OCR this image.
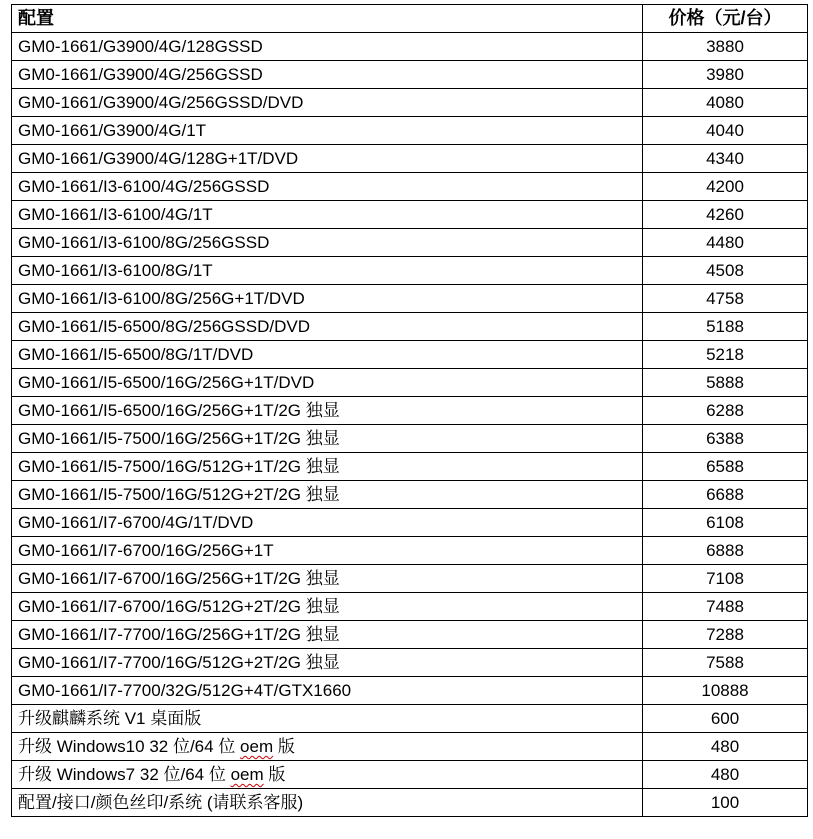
配置	价格（元/台）
GM0-1661/G3900/4G/128GSSD	3880
GM0-1661/G3900/4G/256GSSD	3980
GM0-1661/G3900/4G/256GSSD/DVD	4080
GM0-1661/G3900/4G/1T	4040
GM0-1661/G3900/4G/128G+1T/DVD	4340
GM0-1661/I3-6100/4G/256GSSD	4200
GM0-1661/I3-6100/4G/1T	4260
GM0-1661/I3-6100/8G/256GSSD	4480
GM0-1661/I3-6100/8G/1T	4508
GM0-1661/I3-6100/8G/256G+1T/DVD	4758
GM0-1661/I5-6500/8G/256GSSD/DVD	5188
GM0-1661/I5-6500/8G/1T/DVD	5218
GM0-1661/I5-6500/16G/256G+1T/DVD	5888
GM0-1661/I5-6500/16G/256G+1T/2G 独显	6288
GM0-1661/I5-7500/16G/256G+1T/2G 独显	6388
GM0-1661/I5-7500/16G/512G+1T/2G 独显	6588
GM0-1661/I5-7500/16G/512G+2T/2G 独显	6688
GM0-1661/I7-6700/4G/1T/DVD	6108
GM0-1661/I7-6700/16G/256G+1T	6888
GM0-1661/I7-6700/16G/256G+1T/2G 独显	7108
GM0-1661/I7-6700/16G/512G+2T/2G 独显	7488
GM0-1661/I7-7700/16G/256G+1T/2G 独显	7288
GM0-1661/I7-7700/16G/512G+2T/2G 独显	7588
GM0-1661/I7-7700/32G/512G+4T/GTX1660	10888
升级麒麟系统 V1 桌面版	600
升级 Windows10 32 位/64 位 oem 版	480
升级 Windows7 32 位/64 位 oem 版	480
配置/接口/颜色丝印/系统 (请联系客服)	100
